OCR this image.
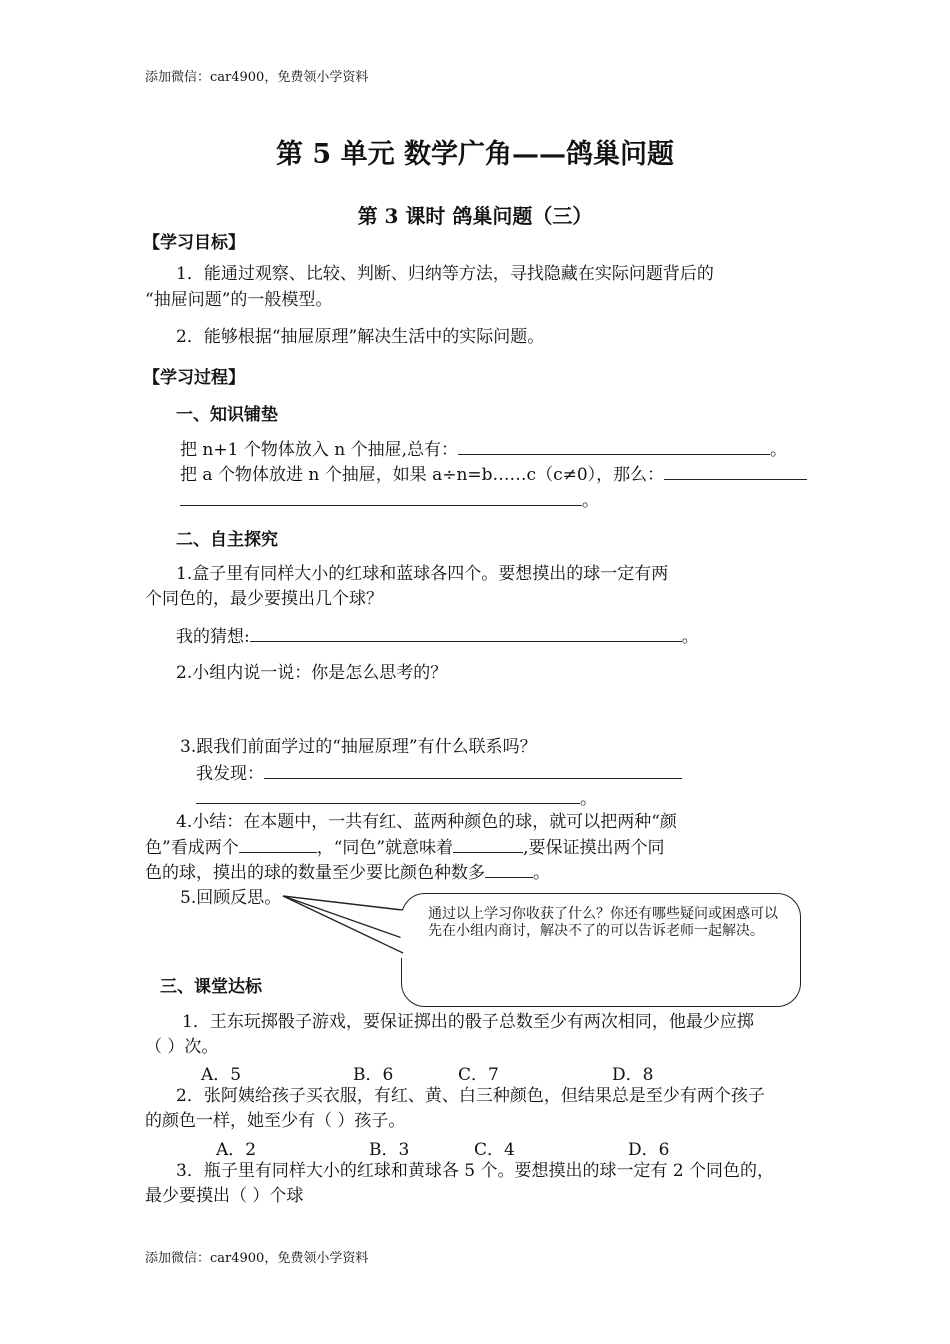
添加微信：car4900，免费领小学资料
第 5 单元 数学广角——鸽巢问题
第 3 课时 鸽巢问题（三）
【学习目标】
1．能通过观察、比较、判断、归纳等方法，寻找隐藏在实际问题背后的
“抽屉问题”的一般模型。
2．能够根据“抽屉原理”解决生活中的实际问题。
【学习过程】
一、知识铺垫
把 n+1 个物体放入 n 个抽屉,总有：	。
把 a 个物体放进 n 个抽屉，如果 a÷n=b……c（c≠0），那么：
。
二、自主探究
1.盒子里有同样大小的红球和蓝球各四个。要想摸出的球一定有两
个同色的，最少要摸出几个球？
我的猜想:	。
2.小组内说一说：你是怎么思考的？
3.跟我们前面学过的“抽屉原理”有什么联系吗？
我发现：
。
4.小结：在本题中，一共有红、蓝两种颜色的球，就可以把两种“颜
色”看成两个	，“同色”就意味着	,要保证摸出两个同
色的球，摸出的球的数量至少要比颜色种数多	。
5.回顾反思。
通过以上学习你收获了什么？你还有哪些疑问或困惑可以先在小组内商讨，解决不了的可以告诉老师一起解决。
三、课堂达标
1．王东玩掷骰子游戏，要保证掷出的骰子总数至少有两次相同，他最少应掷
（ ）次。
A．5	B．6	C．7	D．8
2．张阿姨给孩子买衣服，有红、黄、白三种颜色，但结果总是至少有两个孩子
的颜色一样，她至少有（ ）孩子。
A．2	B．3	C．4	D．6
3．瓶子里有同样大小的红球和黄球各 5 个。要想摸出的球一定有 2 个同色的，
最少要摸出（ ）个球
添加微信：car4900，免费领小学资料
